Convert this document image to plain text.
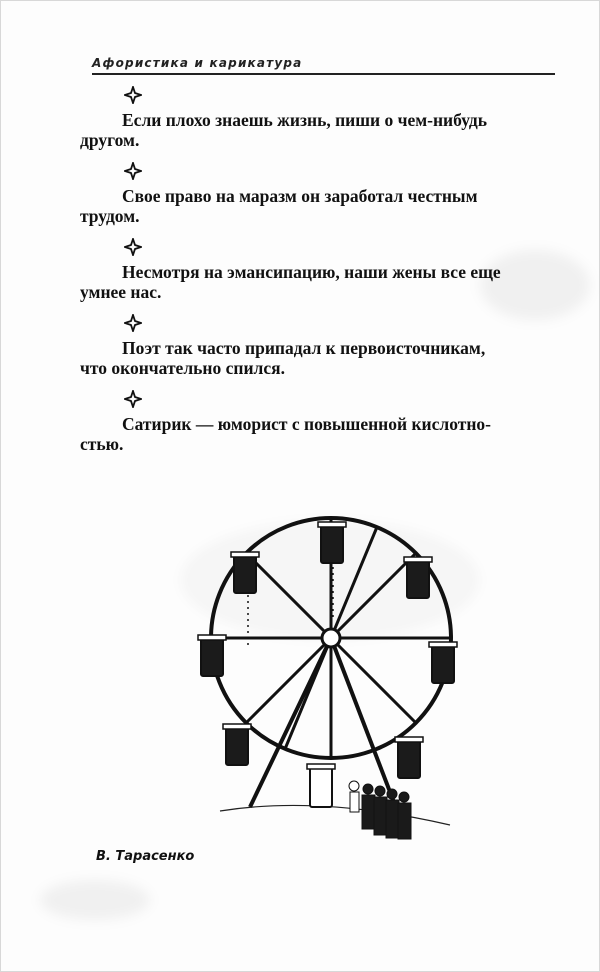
Афористика и карикатура

Если плохо знаешь жизнь, пиши о чем-нибудь
другом.

Свое право на маразм он заработал честным
трудом.

Несмотря на эмансипацию, наши жены все еще
умнее нас.

Поэт так часто припадал к первоисточникам,
что окончательно спился.

Сатирик — юморист с повышенной кислотно-
стью.

В. Тарасенко
